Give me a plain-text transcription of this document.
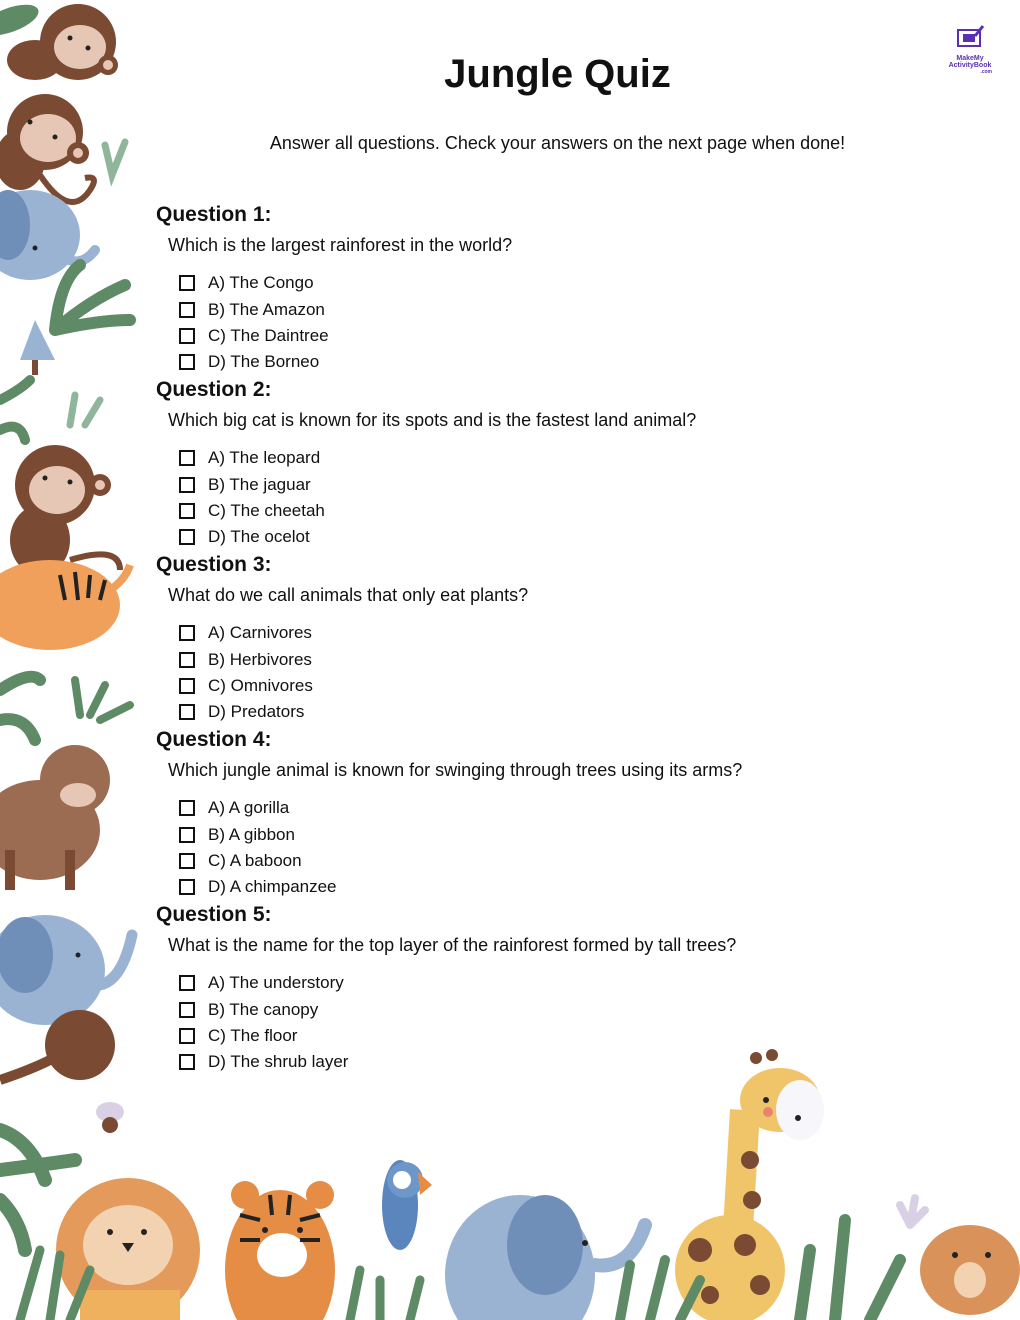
MakeMy
ActivityBook
.com
Jungle Quiz
Answer all questions. Check your answers on the next page when done!
Question 1:
Which is the largest rainforest in the world?
A) The Congo
B) The Amazon
C) The Daintree
D) The Borneo
Question 2:
Which big cat is known for its spots and is the fastest land animal?
A) The leopard
B) The jaguar
C) The cheetah
D) The ocelot
Question 3:
What do we call animals that only eat plants?
A) Carnivores
B) Herbivores
C) Omnivores
D) Predators
Question 4:
Which jungle animal is known for swinging through trees using its arms?
A) A gorilla
B) A gibbon
C) A baboon
D) A chimpanzee
Question 5:
What is the name for the top layer of the rainforest formed by tall trees?
A) The understory
B) The canopy
C) The floor
D) The shrub layer
